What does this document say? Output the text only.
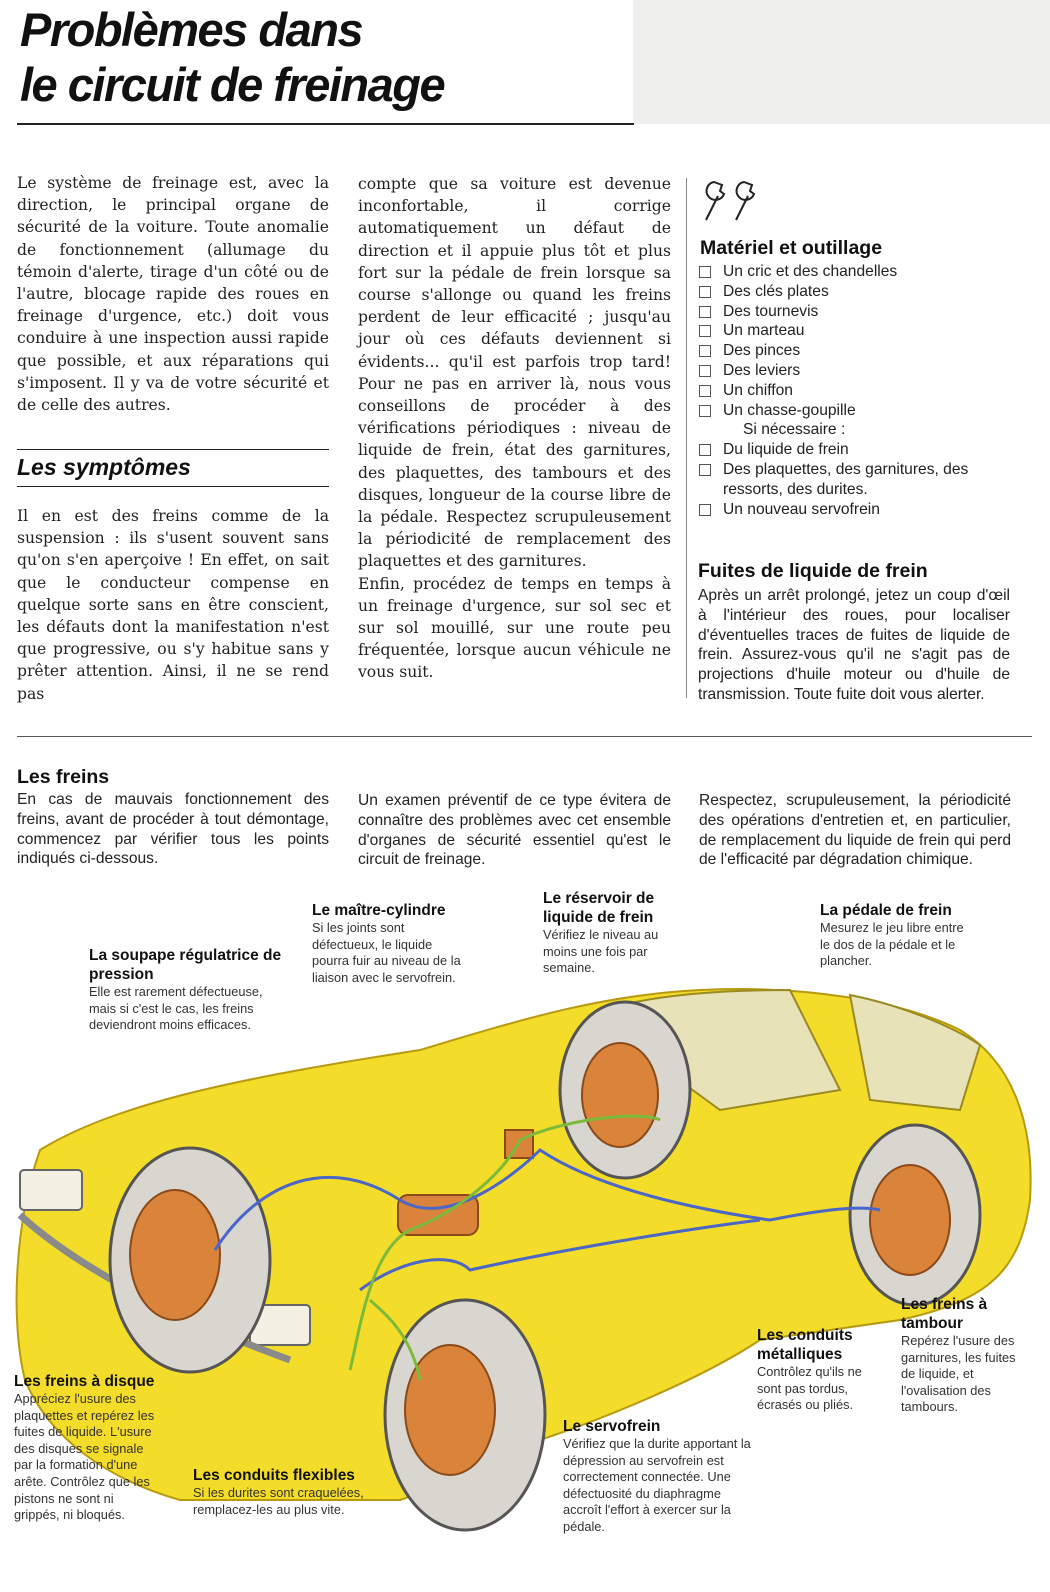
Problèmes dans
le circuit de freinage

Le système de freinage est, avec la direction, le principal organe de sécurité de la voiture. Toute anomalie de fonctionnement (allumage du témoin d'alerte, tirage d'un côté ou de l'autre, blocage rapide des roues en freinage d'urgence, etc.) doit vous conduire à une inspection aussi rapide que possible, et aux réparations qui s'imposent. Il y va de votre sécurité et de celle des autres.

Les symptômes

Il en est des freins comme de la suspension : ils s'usent souvent sans qu'on s'en aperçoive ! En effet, on sait que le conducteur compense en quelque sorte sans en être conscient, les défauts dont la manifestation n'est que progressive, ou s'y habitue sans y prêter attention. Ainsi, il ne se rend pas

compte que sa voiture est devenue inconfortable, il corrige automatiquement un défaut de direction et il appuie plus tôt et plus fort sur la pédale de frein lorsque sa course s'allonge ou quand les freins perdent de leur efficacité ; jusqu'au jour où ces défauts deviennent si évidents... qu'il est parfois trop tard! Pour ne pas en arriver là, nous vous conseillons de procéder à des vérifications périodiques : niveau de liquide de frein, état des garnitures, des plaquettes, des tambours et des disques, longueur de la course libre de la pédale. Respectez scrupuleusement la périodicité de remplacement des plaquettes et des garnitures.

Enfin, procédez de temps en temps à un freinage d'urgence, sur sol sec et sur sol mouillé, sur une route peu fréquentée, lorsque aucun véhicule ne vous suit.

Matériel et outillage
Un cric et des chandelles
Des clés plates
Des tournevis
Un marteau
Des pinces
Des leviers
Un chiffon
Un chasse-goupille
Si nécessaire :
Du liquide de frein
Des plaquettes, des garnitures, des ressorts, des durites.
Un nouveau servofrein
Fuites de liquide de frein
Après un arrêt prolongé, jetez un coup d'œil à l'intérieur des roues, pour localiser d'éventuelles traces de fuites de liquide de frein. Assurez-vous qu'il ne s'agit pas de projections d'huile moteur ou d'huile de transmission. Toute fuite doit vous alerter.
Les freins
En cas de mauvais fonctionnement des freins, avant de procéder à tout démontage, commencez par vérifier tous les points indiqués ci-dessous.
Un examen préventif de ce type évitera de connaître des problèmes avec cet ensemble d'organes de sécurité essentiel qu'est le circuit de freinage.
Respectez, scrupuleusement, la périodicité des opérations d'entretien et, en particulier, de remplacement du liquide de frein qui perd de l'efficacité par dégradation chimique.
La soupape régulatrice de pression
Elle est rarement défectueuse, mais si c'est le cas, les freins deviendront moins efficaces.
Le maître-cylindre
Si les joints sont défectueux, le liquide pourra fuir au niveau de la liaison avec le servofrein.
Le réservoir de liquide de frein
Vérifiez le niveau au moins une fois par semaine.
La pédale de frein
Mesurez le jeu libre entre le dos de la pédale et le plancher.
Les freins à tambour
Repérez l'usure des garnitures, les fuites de liquide, et l'ovalisation des tambours.
Les conduits métalliques
Contrôlez qu'ils ne sont pas tordus, écrasés ou pliés.
Le servofrein
Vérifiez que la durite apportant la dépression au servofrein est correctement connectée. Une défectuosité du diaphragme accroît l'effort à exercer sur la pédale.
Les conduits flexibles
Si les durites sont craquelées, remplacez-les au plus vite.
Les freins à disque
Appréciez l'usure des plaquettes et repérez les fuites de liquide. L'usure des disques se signale par la formation d'une arête. Contrôlez que les pistons ne sont ni grippés, ni bloqués.
